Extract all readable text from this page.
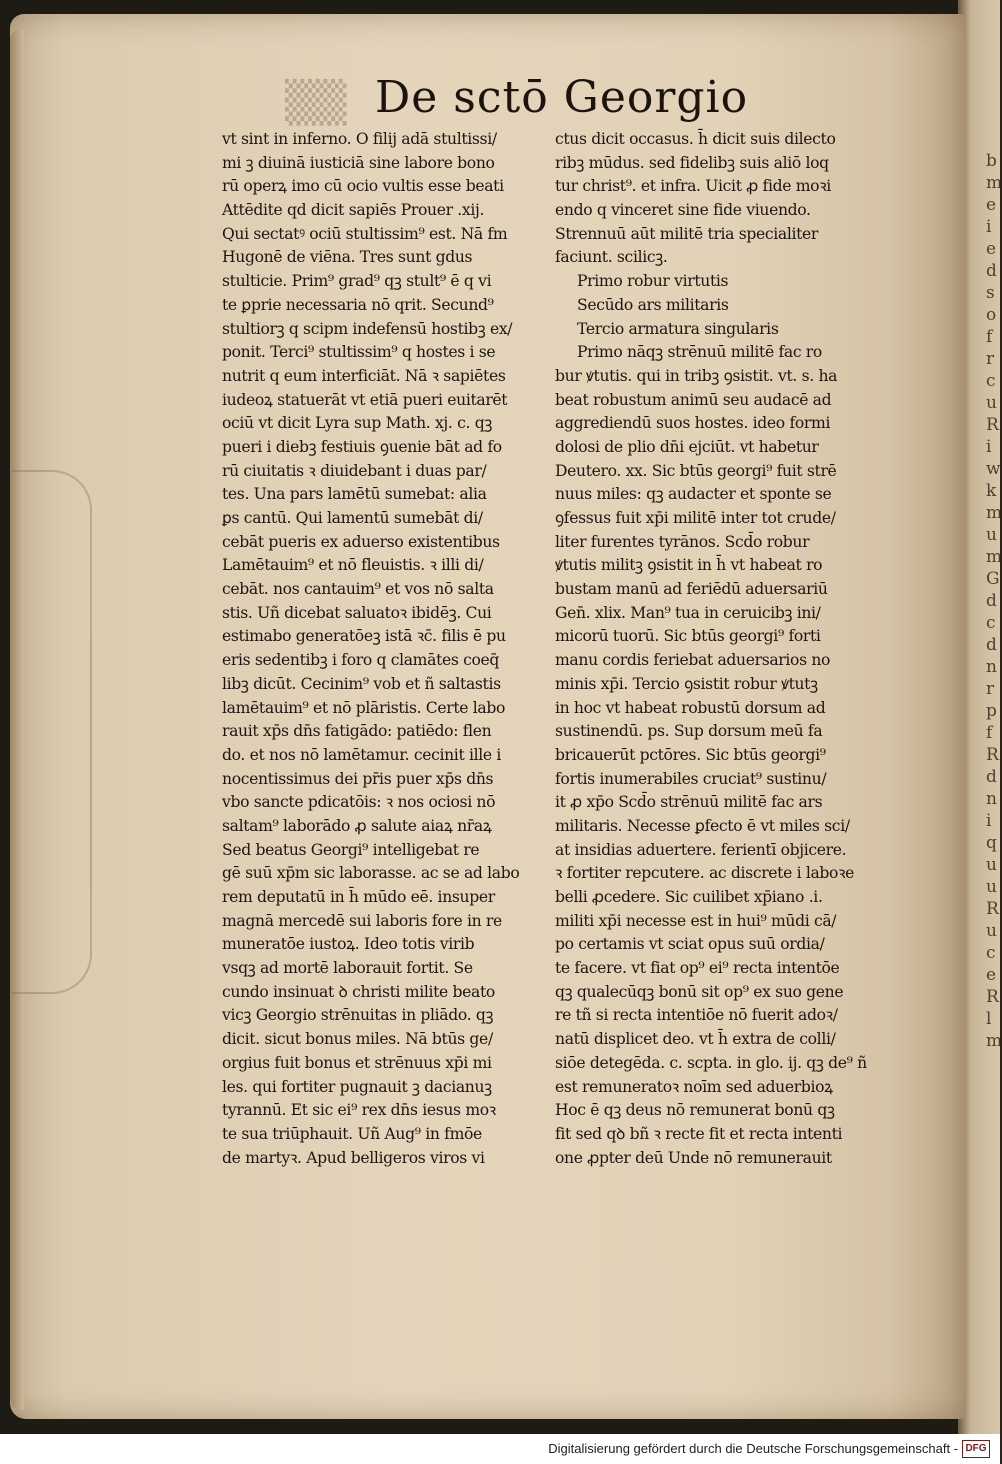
bmeiedsofrcuRiwkmumGdcdnrpfRdniquuRuceRlm
▒▒ De sctō Georgio
vt sint in inferno. O filij adā stultissi/
mi ꝫ diuinā iusticiā sine labore bono
rū operꝝ imo cū ocio vultis esse beati
Attēdite qd dicit sapiēs Prouer .xij.
Qui sectatꝰ ociū stultissim⁹ est. Nā fm
Hugonē de viēna. Tres sunt gdus
stulticie. Prim⁹ grad⁹ qꝫ stult⁹ ē q vi
te ꝑprie necessaria nō qrit. Secund⁹
stultiorꝫ q scipm indefensū hostibꝫ ex/
ponit. Terci⁹ stultissim⁹ q hostes i se
nutrit q eum interficiāt. Nā ꝛ sapiētes
iudeoꝝ statuerāt vt etiā pueri euitarēt
ociū vt dicit Lyra sup Math. xj. c. qꝫ
pueri i diebꝫ festiuis ꝯuenie bāt ad fo
rū ciuitatis ꝛ diuidebant i duas par/
tes. Una pars lamētū sumebat: alia
ꝑs cantū. Qui lamentū sumebāt di/
cebāt pueris ex aduerso existentibus
Lamētauim⁹ et nō fleuistis. ꝛ illi di/
cebāt. nos cantauim⁹ et vos nō salta
stis. Uñ dicebat saluatoꝛ ibidēꝫ. Cui
estimabo generatōeꝫ istā ꝛc̄. filis ē pu
eris sedentibꝫ i foro q clamātes coeq̄
libꝫ dicūt. Cecinim⁹ vob et ñ saltastis
lamētauim⁹ et nō plāristis. Certe labo
rauit xp̄s dn̄s fatigādo: patiēdo: flen
do. et nos nō lamētamur. cecinit ille i
nocentissimus dei pr̄is puer xp̄s dn̄s
vbo sancte pdicatōis: ꝛ nos ociosi nō
saltam⁹ laborādo ꝓ salute aiaꝝ nr̄aꝝ
Sed beatus Georgi⁹ intelligebat re
gē suū xp̄m sic laborasse. ac se ad labo
rem deputatū in h̄ mūdo eē. insuper
magnā mercedē sui laboris fore in re
muneratōe iustoꝝ. Ideo totis virib
vsqꝫ ad mortē laborauit fortit. Se
cundo insinuat ꝺ christi milite beato
vicꝫ Georgio strēnuitas in pliādo. qꝫ
dicit. sicut bonus miles. Nā btūs ge/
orgius fuit bonus et strēnuus xp̄i mi
les. qui fortiter pugnauit ꝫ dacianuꝫ
tyrannū. Et sic ei⁹ rex dn̄s iesus moꝛ
te sua triūphauit. Uñ Aug⁹ in fmōe
de martyꝛ. Apud belligeros viros vi
ctus dicit occasus. h̄ dicit suis dilecto
ribꝫ mūdus. sed fidelibꝫ suis aliō loq
tur christ⁹. et infra. Uicit ꝓ fide moꝛi
endo q vinceret sine fide viuendo.
Strennuū aūt militē tria specialiter
faciunt. scilicꝫ.
Primo robur virtutis
Secūdo ars militaris
Tercio armatura singularis
Primo nāqꝫ strēnuū militē fac ro
bur ꝟtutis. qui in tribꝫ ꝯsistit. vt. s. ha
beat robustum animū seu audacē ad
aggrediendū suos hostes. ideo formi
dolosi de plio dn̄i ejciūt. vt habetur
Deutero. xx. Sic btūs georgi⁹ fuit strē
nuus miles: qꝫ audacter et sponte se
ꝯfessus fuit xp̄i militē inter tot crude/
liter furentes tyrānos. Scd̄o robur
ꝟtutis militꝫ ꝯsistit in h̄ vt habeat ro
bustam manū ad feriēdū aduersariū
Gen̄. xlix. Man⁹ tua in ceruicibꝫ ini/
micorū tuorū. Sic btūs georgi⁹ forti
manu cordis feriebat aduersarios no
minis xp̄i. Tercio ꝯsistit robur ꝟtutꝫ
in hoc vt habeat robustū dorsum ad
sustinendū. ps. Sup dorsum meū fa
bricauerūt pctōres. Sic btūs georgi⁹
fortis inumerabiles cruciat⁹ sustinu/
it ꝓ xp̄o Scd̄o strēnuū militē fac ars
militaris. Necesse ꝑfecto ē vt miles sci/
at insidias aduertere. ferientī objicere.
ꝛ fortiter repcutere. ac discrete i laboꝛe
belli ꝓcedere. Sic cuilibet xp̄iano .i.
militi xp̄i necesse est in hui⁹ mūdi cā/
po certamis vt sciat opus suū ordia/
te facere. vt fiat op⁹ ei⁹ recta intentōe
qꝫ qualecūqꝫ bonū sit op⁹ ex suo gene
re tñ si recta intentiōe nō fuerit adoꝛ/
natū displicet deo. vt h̄ extra de colli/
siōe detegēda. c. scpta. in glo. ij. qꝫ de⁹ ñ
est remuneratoꝛ noīm sed aduerbioꝝ
Hoc ē qꝫ deus nō remunerat bonū qꝫ
fit sed qꝺ bñ ꝛ recte fit et recta intenti
one ꝓpter deū Unde nō remunerauit
Digitalisierung gefördert durch die Deutsche Forschungsgemeinschaft - DFG
